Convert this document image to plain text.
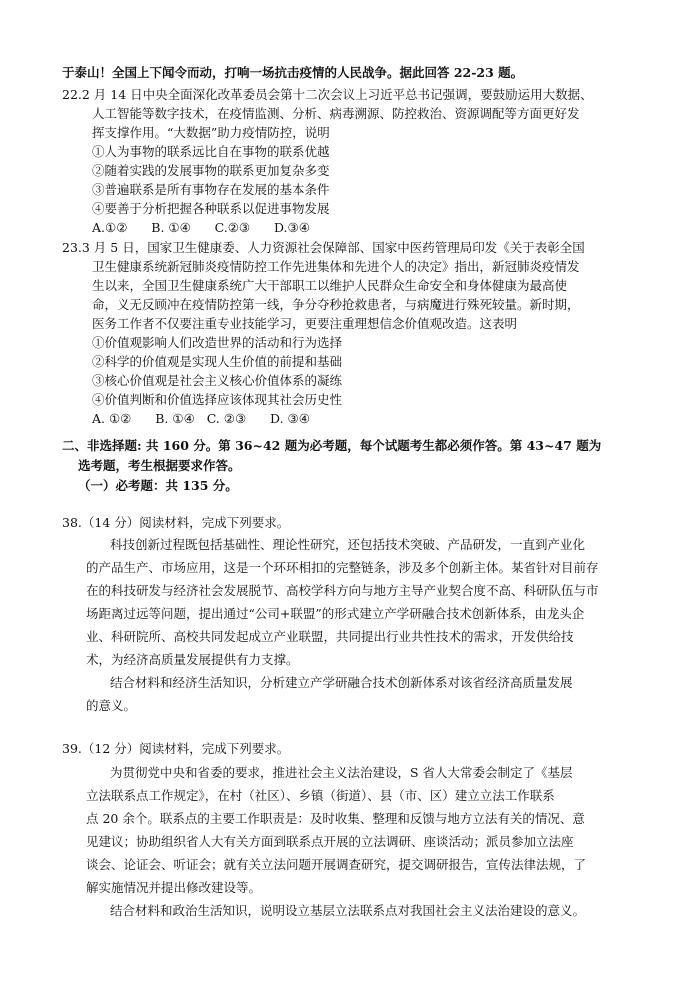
于泰山！全国上下闻令而动，打响一场抗击疫情的人民战争。据此回答 22-23 题。
22.2 月 14 日中央全面深化改革委员会第十二次会议上习近平总书记强调，要鼓励运用大数据、
人工智能等数字技术，在疫情监测、分析、病毒溯源、防控救治、资源调配等方面更好发
挥支撑作用。“大数据”助力疫情防控，说明
①人为事物的联系远比自在事物的联系优越
②随着实践的发展事物的联系更加复杂多变
③普遍联系是所有事物存在发展的基本条件
④要善于分析把握各种联系以促进事物发展
A.①②      B. ①④      C.②③      D.③④
23.3 月 5 日，国家卫生健康委、人力资源社会保障部、国家中医药管理局印发《关于表彰全国
卫生健康系统新冠肺炎疫情防控工作先进集体和先进个人的决定》指出，新冠肺炎疫情发
生以来，全国卫生健康系统广大干部职工以维护人民群众生命安全和身体健康为最高使
命，义无反顾冲在疫情防控第一线，争分夺秒抢救患者，与病魔进行殊死较量。新时期，
医务工作者不仅要注重专业技能学习，更要注重理想信念价值观改造。这表明
①价值观影响人们改造世界的活动和行为选择
②科学的价值观是实现人生价值的前提和基础
③核心价值观是社会主义核心价值体系的凝练
④价值判断和价值选择应该体现其社会历史性
A. ①②      B. ①④   C. ②③      D. ③④
二、非选择题: 共 160 分。第 36~42 题为必考题，每个试题考生都必须作答。第 43~47 题为
选考题，考生根据要求作答。
（一）必考题：共 135 分。
38.（14 分）阅读材料，完成下列要求。
科技创新过程既包括基础性、理论性研究，还包括技术突破、产品研发，一直到产业化
的产品生产、市场应用，这是一个环环相扣的完整链条，涉及多个创新主体。某省针对目前存
在的科技研发与经济社会发展脱节、高校学科方向与地方主导产业契合度不高、科研队伍与市
场距离过远等问题，提出通过“公司+联盟”的形式建立产学研融合技术创新体系，由龙头企
业、科研院所、高校共同发起成立产业联盟，共同提出行业共性技术的需求，开发供给技
术，为经济高质量发展提供有力支撑。
结合材料和经济生活知识，分析建立产学研融合技术创新体系对该省经济高质量发展
的意义。
39.（12 分）阅读材料，完成下列要求。
为贯彻党中央和省委的要求，推进社会主义法治建设，S 省人大常委会制定了《基层
立法联系点工作规定》，在村（社区）、乡镇（街道）、县（市、区）建立立法工作联系
点 20 余个。联系点的主要工作职责是：及时收集、整理和反馈与地方立法有关的情况、意
见建议；协助组织省人大有关方面到联系点开展的立法调研、座谈活动；派员参加立法座
谈会、论证会、听证会；就有关立法问题开展调查研究，提交调研报告，宣传法律法规，了
解实施情况并提出修改建设等。
结合材料和政治生活知识，说明设立基层立法联系点对我国社会主义法治建设的意义。
